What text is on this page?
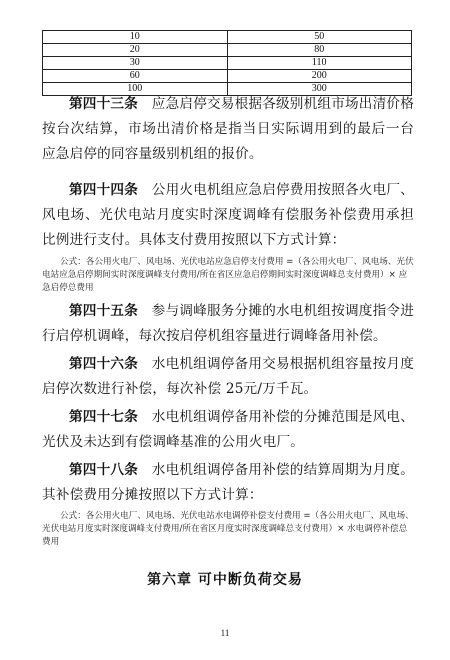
10	50
20	80
30	110
60	200
100	300

第四十三条  应急启停交易根据各级别机组市场出清价格按台次结算，市场出清价格是指当日实际调用到的最后一台应急启停的同容量级别机组的报价。

第四十四条  公用火电机组应急启停费用按照各火电厂、风电场、光伏电站月度实时深度调峰有偿服务补偿费用承担比例进行支付。具体支付费用按照以下方式计算：

公式：各公用火电厂、风电场、光伏电站应急启停支付费用 =（各公用火电厂、风电场、光伏电站应急启停期间实时深度调峰支付费用/所在省区应急启停期间实时深度调峰总支付费用）× 应急启停总费用

第四十五条  参与调峰服务分摊的水电机组按调度指令进行启停机调峰，每次按启停机组容量进行调峰备用补偿。

第四十六条  水电机组调停备用交易根据机组容量按月度启停次数进行补偿，每次补偿 25元/万千瓦。

第四十七条  水电机组调停备用补偿的分摊范围是风电、光伏及未达到有偿调峰基准的公用火电厂。

第四十八条  水电机组调停备用补偿的结算周期为月度。其补偿费用分摊按照以下方式计算：

公式：各公用火电厂、风电场、光伏电站水电调停补偿支付费用 =（各公用火电厂、风电场、光伏电站月度实时深度调峰支付费用/所在省区月度实时深度调峰总支付费用）× 水电调停补偿总费用

第六章 可中断负荷交易
11
